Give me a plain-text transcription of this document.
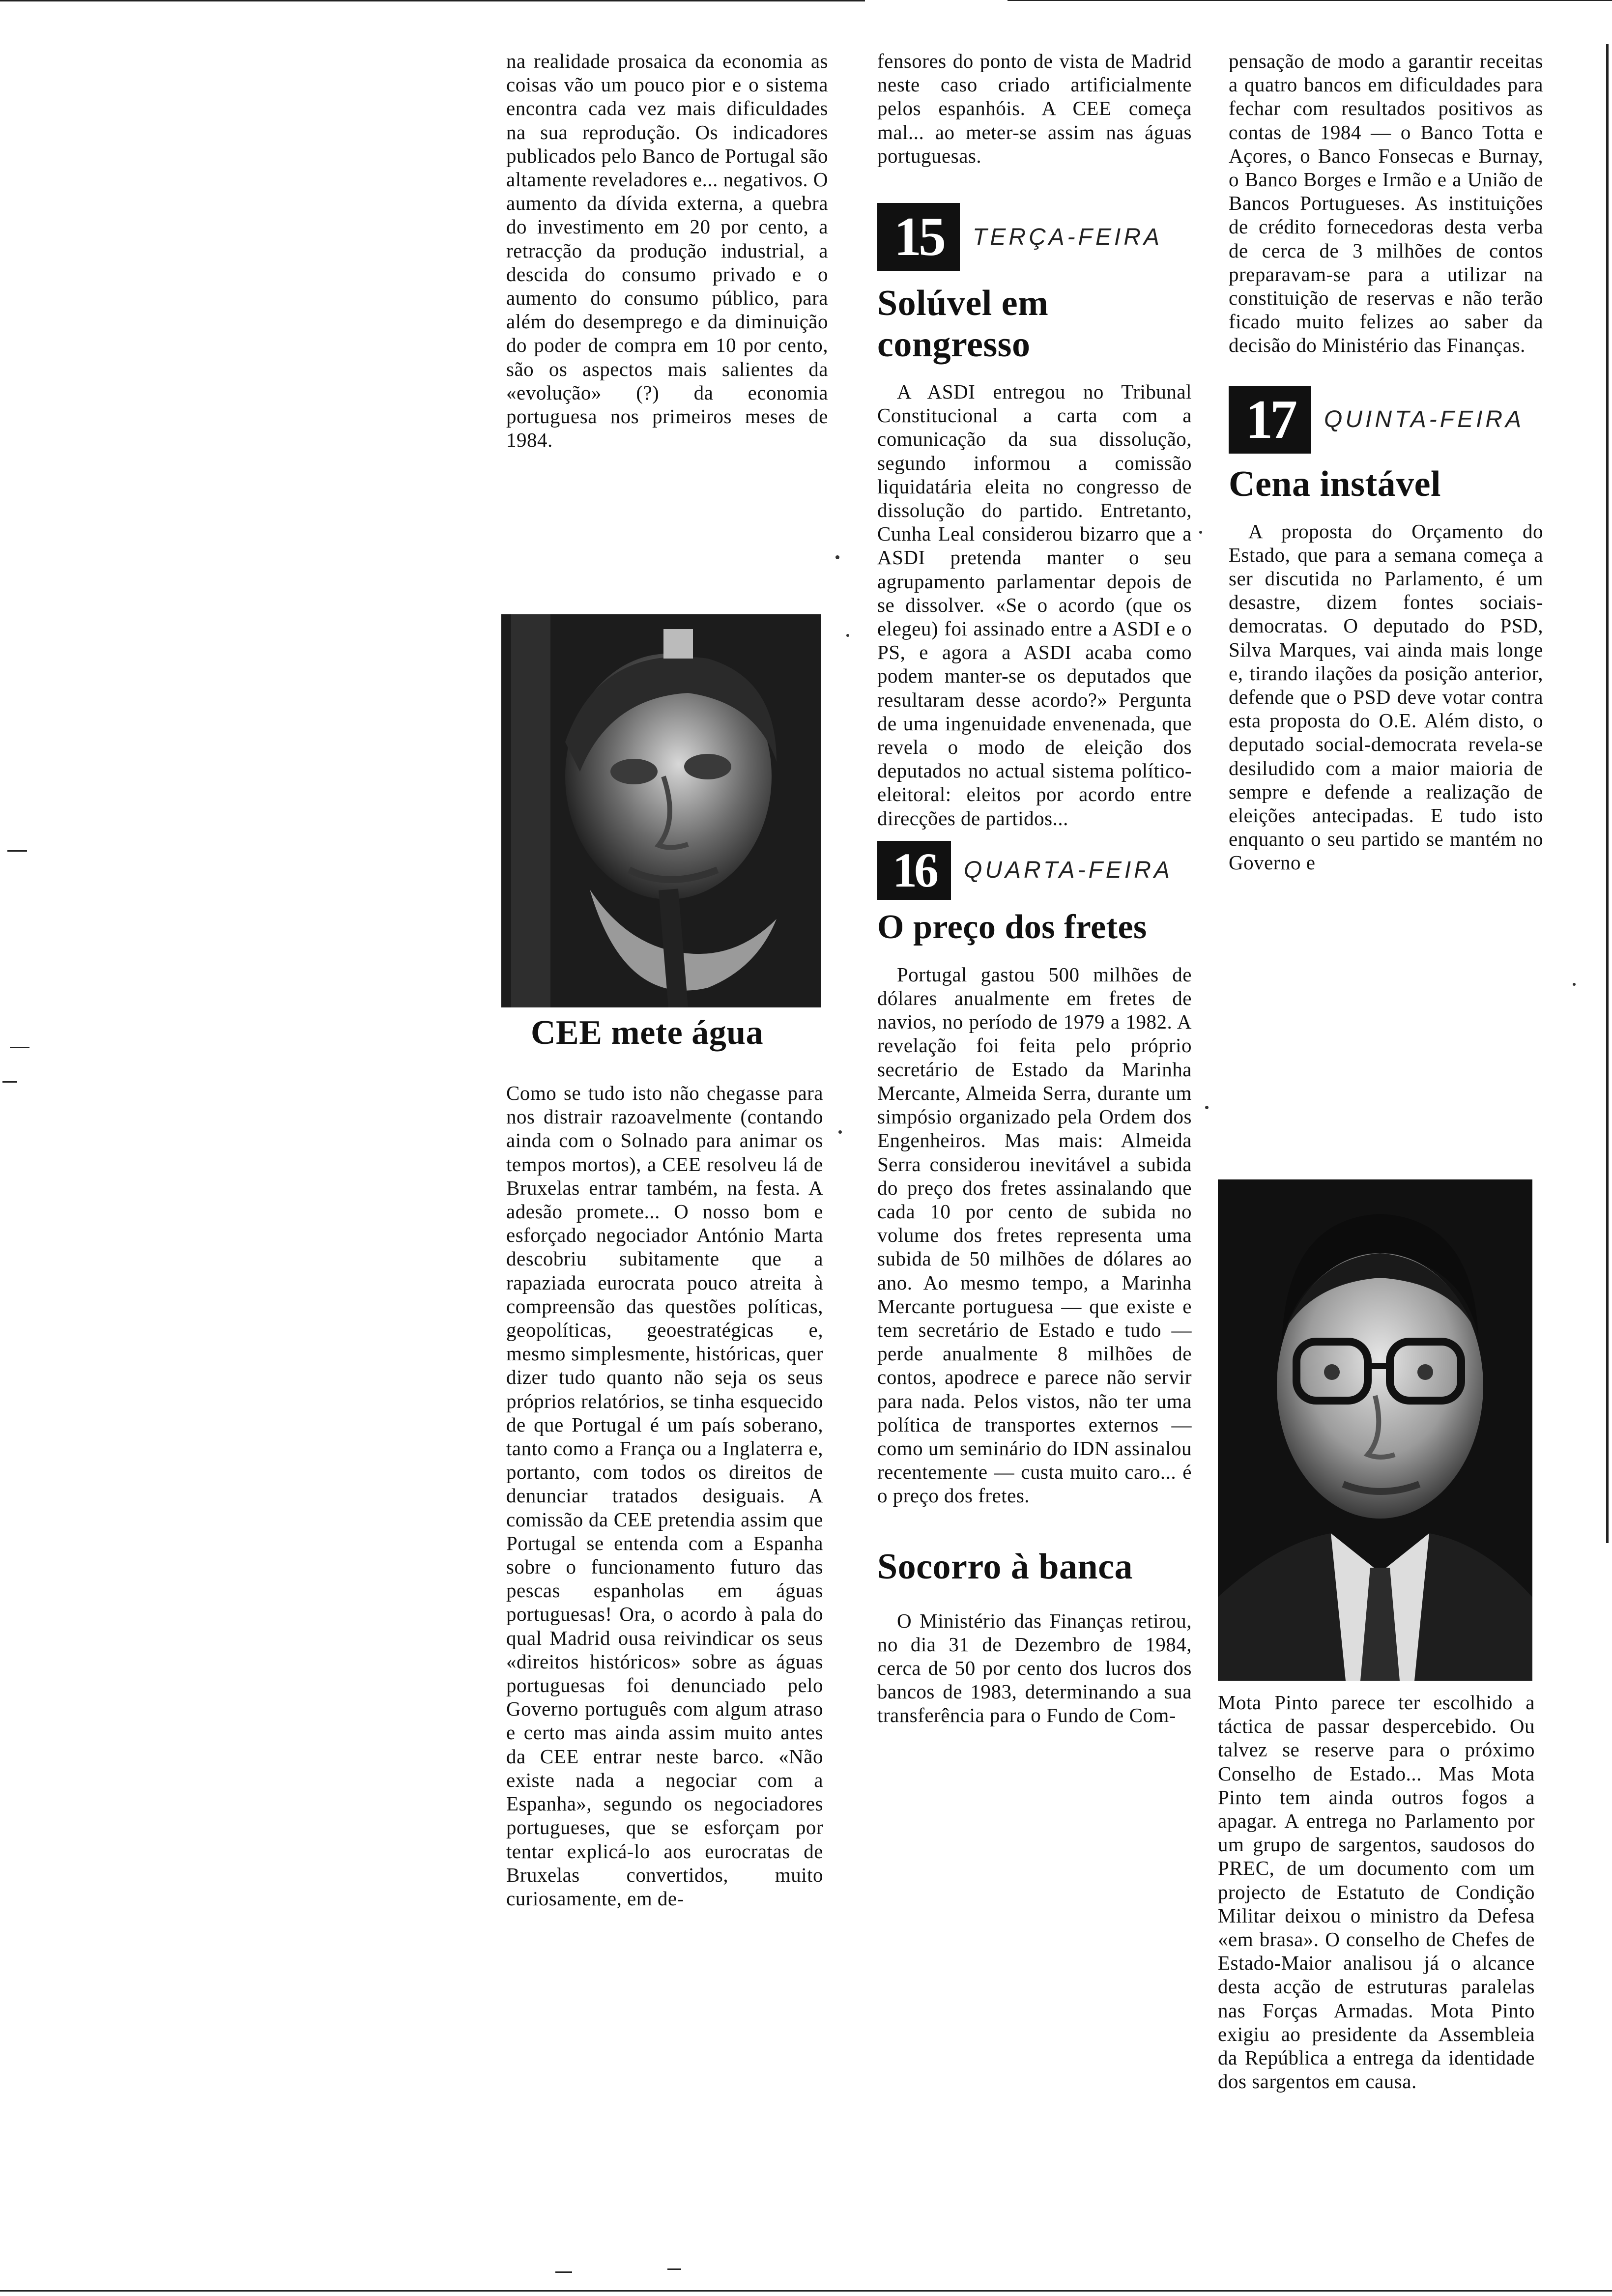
na realidade prosaica da economia as coisas vão um pouco pior e o sistema encontra cada vez mais dificuldades na sua reprodução. Os indicadores publicados pelo Banco de Portugal são altamente reveladores e... negativos. O aumento da dívida externa, a quebra do investimento em 20 por cento, a retracção da produção industrial, a descida do consumo privado e o aumento do consumo público, para além do desemprego e da diminuição do poder de compra em 10 por cento, são os aspectos mais salientes da «evolução» (?) da economia portuguesa nos primeiros meses de 1984.

CEE mete água

Como se tudo isto não chegasse para nos distrair razoavelmente (contando ainda com o Solnado para animar os tempos mortos), a CEE resolveu lá de Bruxelas entrar também, na festa. A adesão promete... O nosso bom e esforçado negociador António Marta descobriu subitamente que a rapaziada eurocrata pouco atreita à compreensão das questões políticas, geopolíticas, geoestratégicas e, mesmo simplesmente, históricas, quer dizer tudo quanto não seja os seus próprios relatórios, se tinha esquecido de que Portugal é um país soberano, tanto como a França ou a Inglaterra e, portanto, com todos os direitos de denunciar tratados desiguais. A comissão da CEE pretendia assim que Portugal se entenda com a Espanha sobre o funcionamento futuro das pescas espanholas em águas portuguesas! Ora, o acordo à pala do qual Madrid ousa reivindicar os seus «direitos históricos» sobre as águas portuguesas foi denunciado pelo Governo português com algum atraso e certo mas ainda assim muito antes da CEE entrar neste barco. «Não existe nada a negociar com a Espanha», segundo os negociadores portugueses, que se esforçam por tentar explicá-lo aos eurocratas de Bruxelas convertidos, muito curiosamente, em de-

fensores do ponto de vista de Madrid neste caso criado artificialmente pelos espanhóis. A CEE começa mal... ao meter-se assim nas águas portuguesas.

15	TERÇA-FEIRA
Solúvel em congresso

A ASDI entregou no Tribunal Constitucional a carta com a comunicação da sua dissolução, segundo informou a comissão liquidatária eleita no congresso de dissolução do partido. Entretanto, Cunha Leal considerou bizarro que a ASDI pretenda manter o seu agrupamento parlamentar depois de se dissolver. «Se o acordo (que os elegeu) foi assinado entre a ASDI e o PS, e agora a ASDI acaba como podem manter-se os deputados que resultaram desse acordo?» Pergunta de uma ingenuidade envenenada, que revela o modo de eleição dos deputados no actual sistema político-eleitoral: eleitos por acordo entre direcções de partidos...

16	QUARTA-FEIRA
O preço dos fretes

Portugal gastou 500 milhões de dólares anualmente em fretes de navios, no período de 1979 a 1982. A revelação foi feita pelo próprio secretário de Estado da Marinha Mercante, Almeida Serra, durante um simpósio organizado pela Ordem dos Engenheiros. Mas mais: Almeida Serra considerou inevitável a subida do preço dos fretes assinalando que cada 10 por cento de subida no volume dos fretes representa uma subida de 50 milhões de dólares ao ano. Ao mesmo tempo, a Marinha Mercante portuguesa — que existe e tem secretário de Estado e tudo — perde anualmente 8 milhões de contos, apodrece e parece não servir para nada. Pelos vistos, não ter uma política de transportes externos — como um seminário do IDN assinalou recentemente — custa muito caro... é o preço dos fretes.

Socorro à banca

O Ministério das Finanças retirou, no dia 31 de Dezembro de 1984, cerca de 50 por cento dos lucros dos bancos de 1983, determinando a sua transferência para o Fundo de Com-

pensação de modo a garantir receitas a quatro bancos em dificuldades para fechar com resultados positivos as contas de 1984 — o Banco Totta e Açores, o Banco Fonsecas e Burnay, o Banco Borges e Irmão e a União de Bancos Portugueses. As instituições de crédito fornecedoras desta verba de cerca de 3 milhões de contos preparavam-se para a utilizar na constituição de reservas e não terão ficado muito felizes ao saber da decisão do Ministério das Finanças.

17	QUINTA-FEIRA
Cena instável

A proposta do Orçamento do Estado, que para a semana começa a ser discutida no Parlamento, é um desastre, dizem fontes sociais-democratas. O deputado do PSD, Silva Marques, vai ainda mais longe e, tirando ilações da posição anterior, defende que o PSD deve votar contra esta proposta do O.E. Além disto, o deputado social-democrata revela-se desiludido com a maior maioria de sempre e defende a realização de eleições antecipadas. E tudo isto enquanto o seu partido se mantém no Governo e

Mota Pinto parece ter escolhido a táctica de passar despercebido. Ou talvez se reserve para o próximo Conselho de Estado... Mas Mota Pinto tem ainda outros fogos a apagar. A entrega no Parlamento por um grupo de sargentos, saudosos do PREC, de um documento com um projecto de Estatuto de Condição Militar deixou o ministro da Defesa «em brasa». O conselho de Chefes de Estado-Maior analisou já o alcance desta acção de estruturas paralelas nas Forças Armadas. Mota Pinto exigiu ao presidente da Assembleia da República a entrega da identidade dos sargentos em causa.
